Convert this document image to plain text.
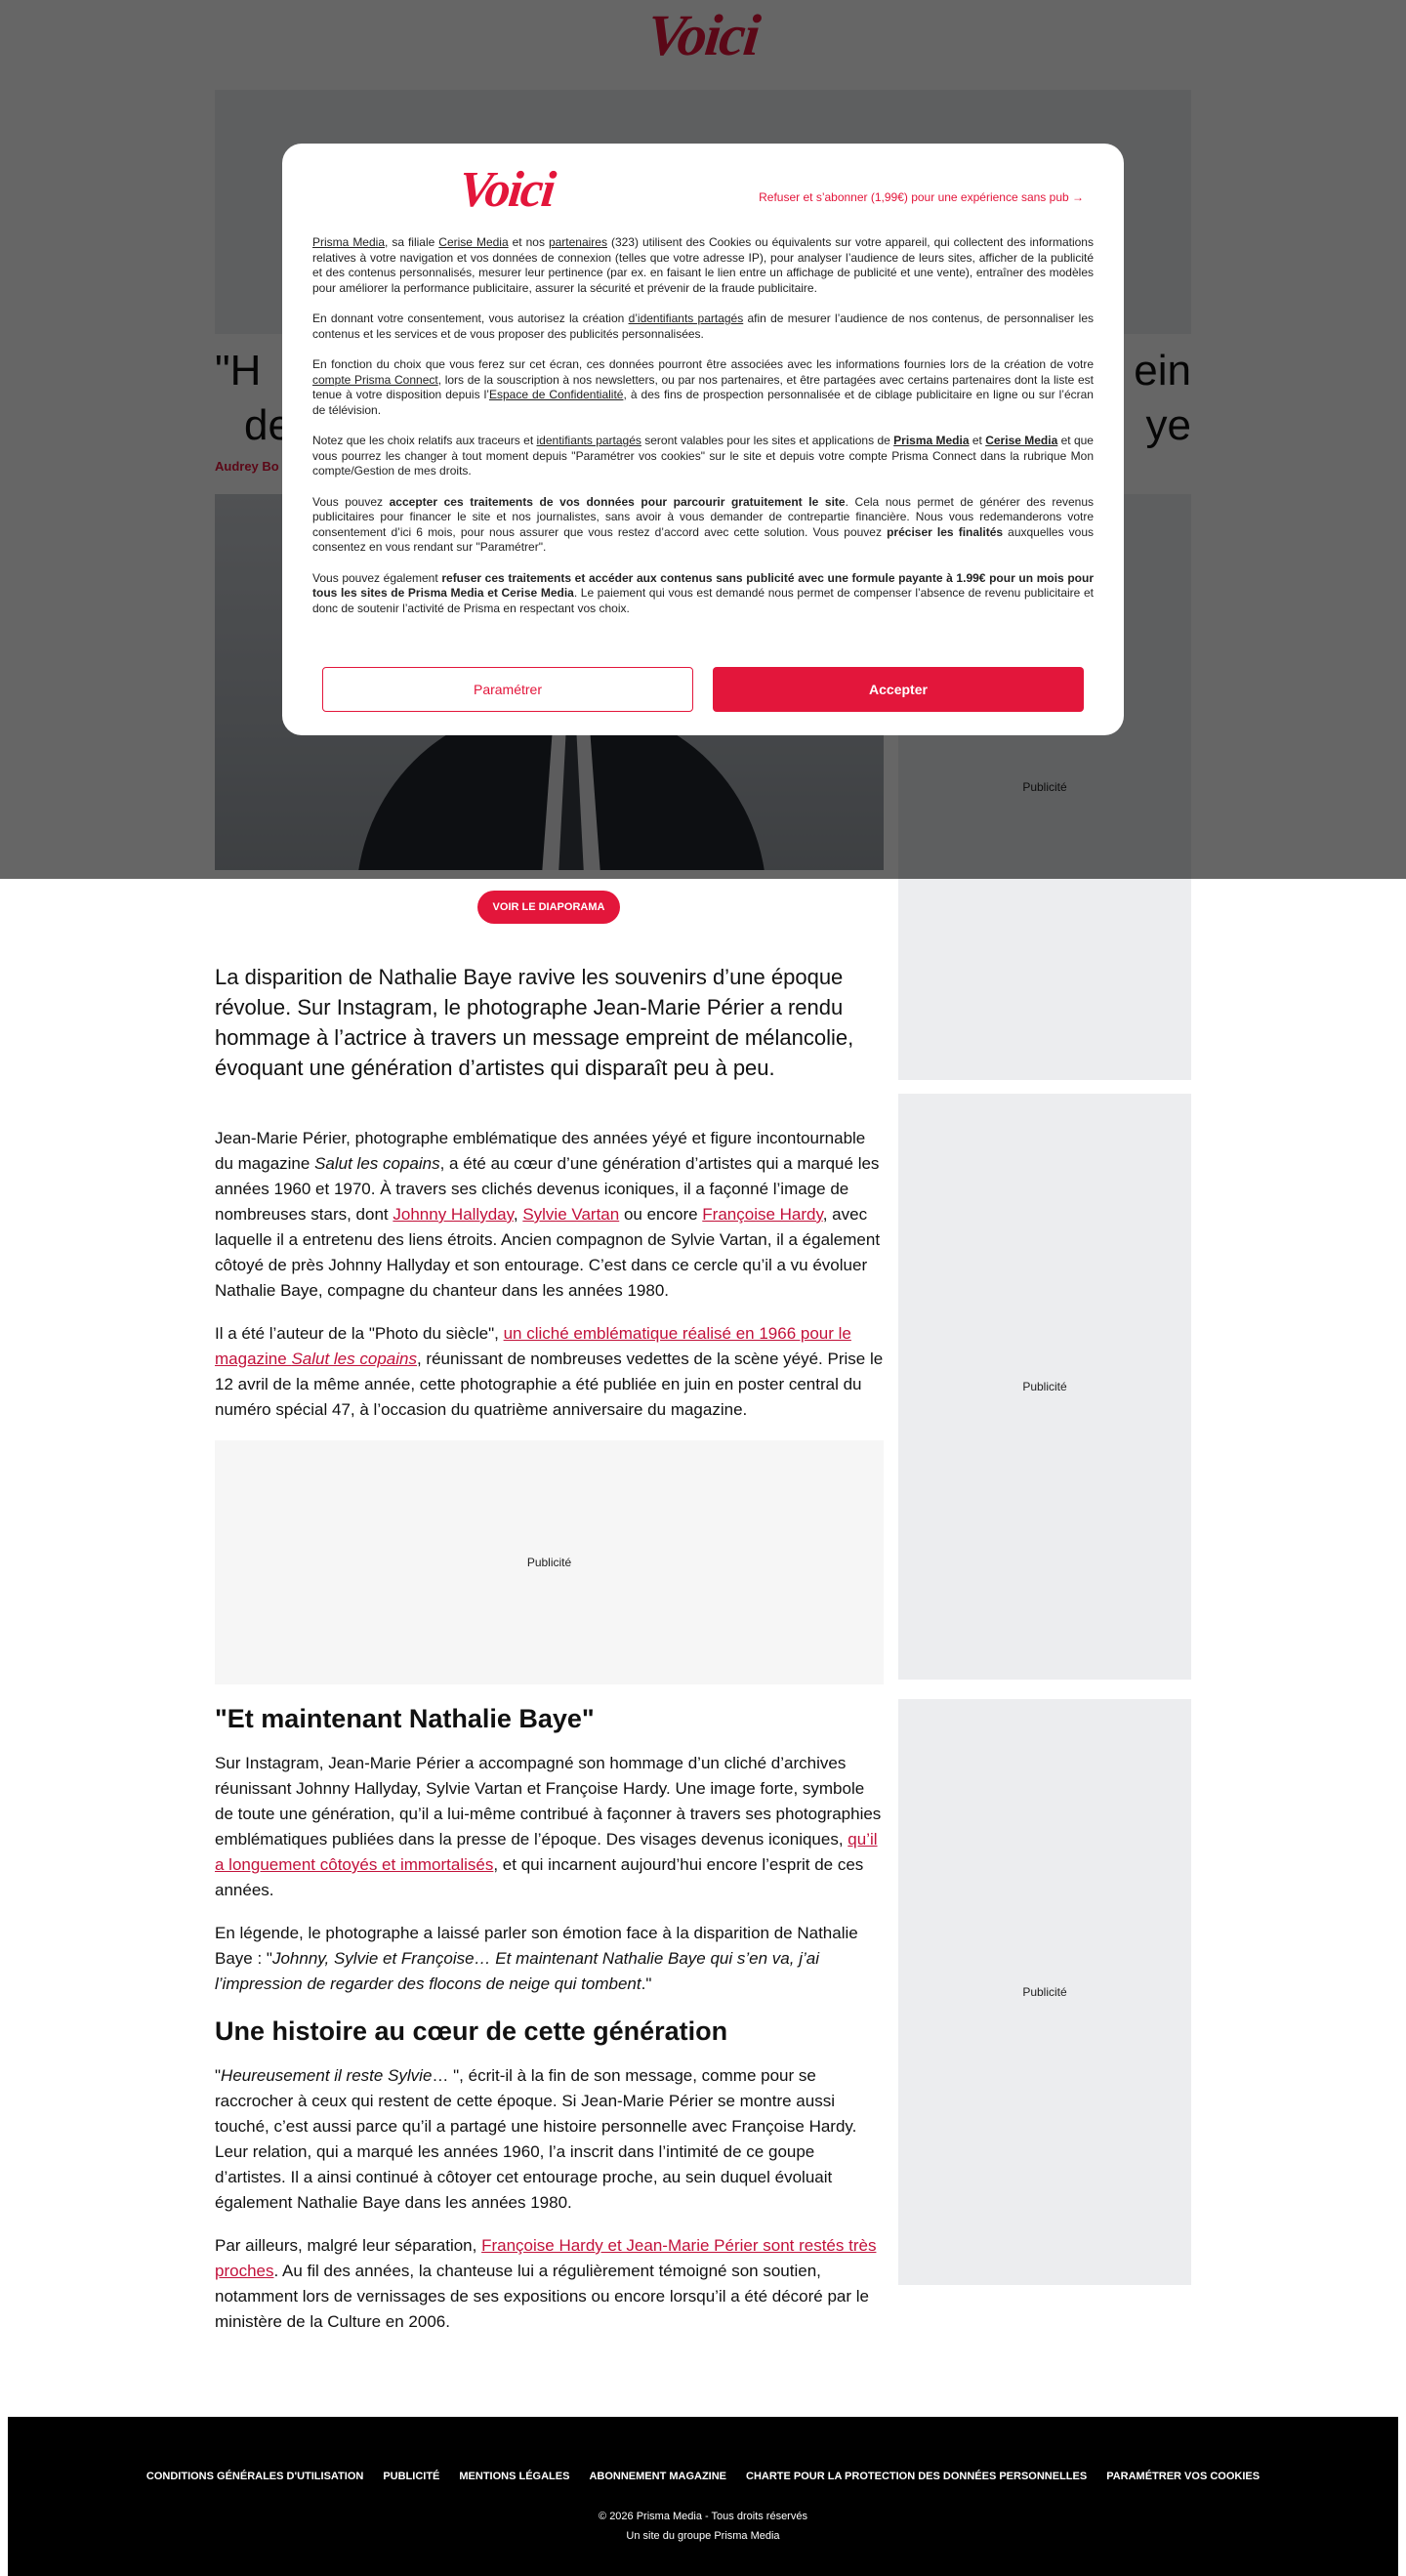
Publicité
Publicité
VOIR LE DIAPORAMA

La disparition de Nathalie Baye ravive les souvenirs d’une époque révolue. Sur Instagram, le photographe Jean-Marie Périer a rendu hommage à l’actrice à travers un message empreint de mélancolie, évoquant une génération d’artistes qui disparaît peu à peu.

Jean-Marie Périer, photographe emblématique des années yéyé et figure incontournable du magazine Salut les copains, a été au cœur d’une génération d’artistes qui a marqué les années 1960 et 1970. À travers ses clichés devenus iconiques, il a façonné l’image de nombreuses stars, dont Johnny Hallyday, Sylvie Vartan ou encore Françoise Hardy, avec laquelle il a entretenu des liens étroits. Ancien compagnon de Sylvie Vartan, il a également côtoyé de près Johnny Hallyday et son entourage. C’est dans ce cercle qu’il a vu évoluer Nathalie Baye, compagne du chanteur dans les années 1980.

Il a été l’auteur de la "Photo du siècle", un cliché emblématique réalisé en 1966 pour le magazine Salut les copains, réunissant de nombreuses vedettes de la scène yéyé. Prise le 12 avril de la même année, cette photographie a été publiée en juin en poster central du numéro spécial 47, à l’occasion du quatrième anniversaire du magazine.

Publicité
"Et maintenant Nathalie Baye"

Sur Instagram, Jean-Marie Périer a accompagné son hommage d’un cliché d’archives réunissant Johnny Hallyday, Sylvie Vartan et Françoise Hardy. Une image forte, symbole de toute une génération, qu’il a lui-même contribué à façonner à travers ses photographies emblématiques publiées dans la presse de l’époque. Des visages devenus iconiques, qu’il a longuement côtoyés et immortalisés, et qui incarnent aujourd’hui encore l’esprit de ces années.

En légende, le photographe a laissé parler son émotion face à la disparition de Nathalie Baye : "Johnny, Sylvie et Françoise… Et maintenant Nathalie Baye qui s’en va, j’ai l’impression de regarder des flocons de neige qui tombent."

Une histoire au cœur de cette génération

"Heureusement il reste Sylvie… ", écrit-il à la fin de son message, comme pour se raccrocher à ceux qui restent de cette époque. Si Jean-Marie Périer se montre aussi touché, c’est aussi parce qu’il a partagé une histoire personnelle avec Françoise Hardy. Leur relation, qui a marqué les années 1960, l’a inscrit dans l’intimité de ce goupe d’artistes. Il a ainsi continué à côtoyer cet entourage proche, au sein duquel évoluait également Nathalie Baye dans les années 1980.

Par ailleurs, malgré leur séparation, Françoise Hardy et Jean-Marie Périer sont restés très proches. Au fil des années, la chanteuse lui a régulièrement témoigné son soutien, notamment lors de vernissages de ses expositions ou encore lorsqu’il a été décoré par le ministère de la Culture en 2006.

Voici	Refuser et s’abonner (1,99€) pour une expérience sans pub →

Prisma Media, sa filiale Cerise Media et nos partenaires (323) utilisent des Cookies ou équivalents sur votre appareil, qui collectent des informations relatives à votre navigation et vos données de connexion (telles que votre adresse IP), pour analyser l’audience de leurs sites, afficher de la publicité et des contenus personnalisés, mesurer leur pertinence (par ex. en faisant le lien entre un affichage de publicité et une vente), entraîner des modèles pour améliorer la performance publicitaire, assurer la sécurité et prévenir de la fraude publicitaire.

En donnant votre consentement, vous autorisez la création d’identifiants partagés afin de mesurer l’audience de nos contenus, de personnaliser les contenus et les services et de vous proposer des publicités personnalisées.

En fonction du choix que vous ferez sur cet écran, ces données pourront être associées avec les informations fournies lors de la création de votre compte Prisma Connect, lors de la souscription à nos newsletters, ou par nos partenaires, et être partagées avec certains partenaires dont la liste est tenue à votre disposition depuis l’Espace de Confidentialité, à des fins de prospection personnalisée et de ciblage publicitaire en ligne ou sur l’écran de télévision.

Notez que les choix relatifs aux traceurs et identifiants partagés seront valables pour les sites et applications de Prisma Media et Cerise Media et que vous pourrez les changer à tout moment depuis "Paramétrer vos cookies" sur le site et depuis votre compte Prisma Connect dans la rubrique Mon compte/Gestion de mes droits.

Vous pouvez accepter ces traitements de vos données pour parcourir gratuitement le site. Cela nous permet de générer des revenus publicitaires pour financer le site et nos journalistes, sans avoir à vous demander de contrepartie financière. Nous vous redemanderons votre consentement d’ici 6 mois, pour nous assurer que vous restez d’accord avec cette solution. Vous pouvez préciser les finalités auxquelles vous consentez en vous rendant sur "Paramétrer".

Vous pouvez également refuser ces traitements et accéder aux contenus sans publicité avec une formule payante à 1.99€ pour un mois pour tous les sites de Prisma Media et Cerise Media. Le paiement qui vous est demandé nous permet de compenser l’absence de revenu publicitaire et donc de soutenir l’activité de Prisma en respectant vos choix.

Paramétrer	Accepter
CONDITIONS GÉNÉRALES D'UTILISATION PUBLICITÉ MENTIONS LÉGALES ABONNEMENT MAGAZINE CHARTE POUR LA PROTECTION DES DONNÉES PERSONNELLES PARAMÉTRER VOS COOKIES
© 2026 Prisma Media - Tous droits réservés
Un site du groupe Prisma Media
